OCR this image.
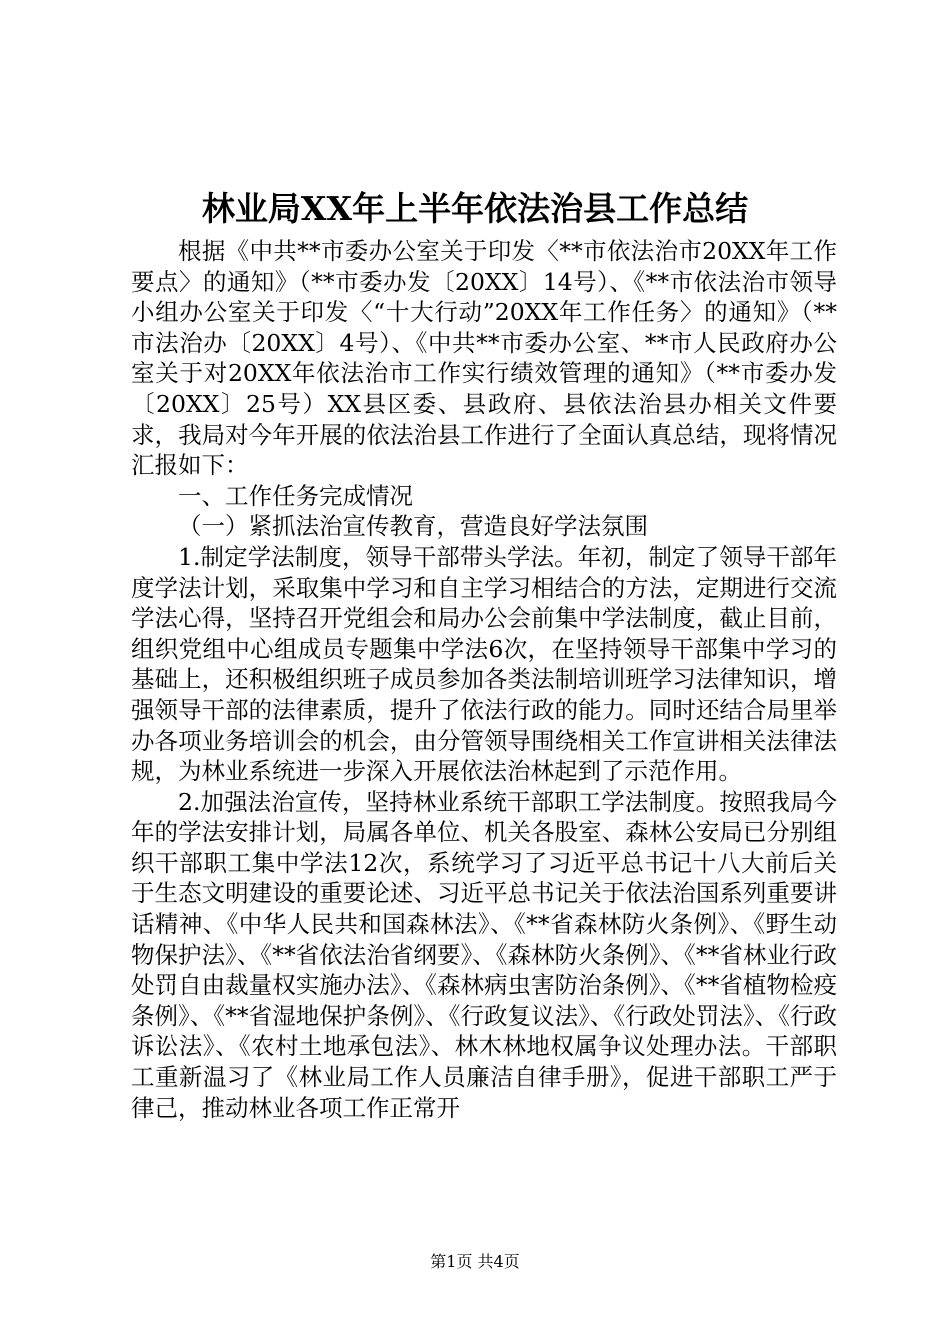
林业局XX年上半年依法治县工作总结

根据《中共**市委办公室关于印发〈**市依法治市20XX年工作要点〉的通知》（**市委办发〔20XX〕14号）、《**市依法治市领导小组办公室关于印发〈“十大行动”20XX年工作任务〉的通知》（**市法治办〔20XX〕4号）、《中共**市委办公室、**市人民政府办公室关于对20XX年依法治市工作实行绩效管理的通知》（**市委办发〔20XX〕25号）XX县区委、县政府、县依法治县办相关文件要求，我局对今年开展的依法治县工作进行了全面认真总结，现将情况汇报如下：

一、工作任务完成情况

（一）紧抓法治宣传教育，营造良好学法氛围

1.制定学法制度，领导干部带头学法。年初，制定了领导干部年度学法计划，采取集中学习和自主学习相结合的方法，定期进行交流学法心得，坚持召开党组会和局办公会前集中学法制度，截止目前，组织党组中心组成员专题集中学法6次，在坚持领导干部集中学习的基础上，还积极组织班子成员参加各类法制培训班学习法律知识，增强领导干部的法律素质，提升了依法行政的能力。同时还结合局里举办各项业务培训会的机会，由分管领导围绕相关工作宣讲相关法律法规，为林业系统进一步深入开展依法治林起到了示范作用。

2.加强法治宣传，坚持林业系统干部职工学法制度。按照我局今年的学法安排计划，局属各单位、机关各股室、森林公安局已分别组织干部职工集中学法12次，系统学习了习近平总书记十八大前后关于生态文明建设的重要论述、习近平总书记关于依法治国系列重要讲话精神、《中华人民共和国森林法》、《**省森林防火条例》、《野生动物保护法》、《**省依法治省纲要》、《森林防火条例》、《**省林业行政处罚自由裁量权实施办法》、《森林病虫害防治条例》、《**省植物检疫条例》、《**省湿地保护条例》、《行政复议法》、《行政处罚法》、《行政诉讼法》、《农村土地承包法》、林木林地权属争议处理办法。干部职工重新温习了《林业局工作人员廉洁自律手册》，促进干部职工严于律己，推动林业各项工作正常开

第1页 共4页
